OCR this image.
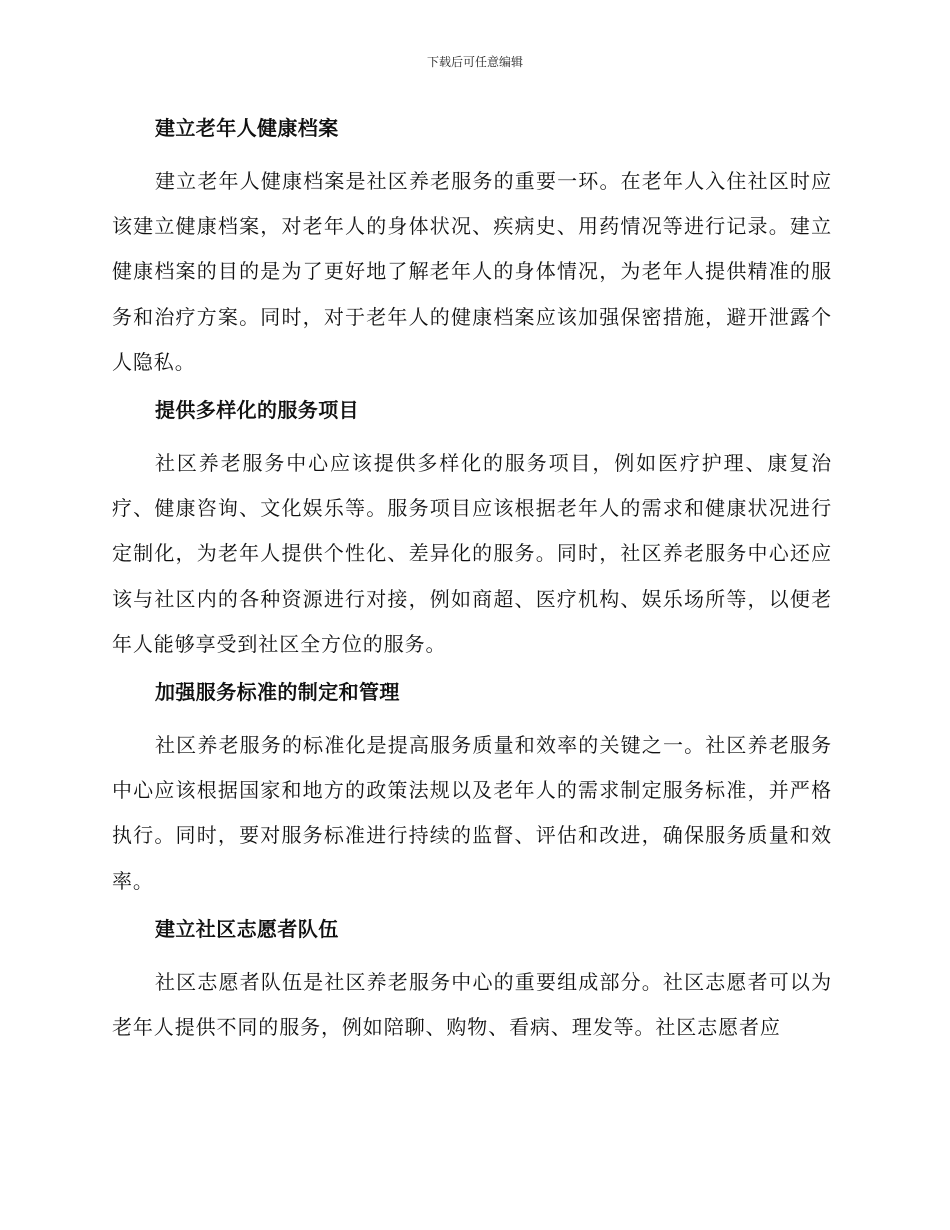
下载后可任意编辑
建立老年人健康档案

建立老年人健康档案是社区养老服务的重要一环。在老年人入住社区时应该建立健康档案，对老年人的身体状况、疾病史、用药情况等进行记录。建立健康档案的目的是为了更好地了解老年人的身体情况，为老年人提供精准的服务和治疗方案。同时，对于老年人的健康档案应该加强保密措施，避开泄露个人隐私。

提供多样化的服务项目

社区养老服务中心应该提供多样化的服务项目，例如医疗护理、康复治疗、健康咨询、文化娱乐等。服务项目应该根据老年人的需求和健康状况进行定制化，为老年人提供个性化、差异化的服务。同时，社区养老服务中心还应该与社区内的各种资源进行对接，例如商超、医疗机构、娱乐场所等，以便老年人能够享受到社区全方位的服务。

加强服务标准的制定和管理

社区养老服务的标准化是提高服务质量和效率的关键之一。社区养老服务中心应该根据国家和地方的政策法规以及老年人的需求制定服务标准，并严格执行。同时，要对服务标准进行持续的监督、评估和改进，确保服务质量和效率。

建立社区志愿者队伍

社区志愿者队伍是社区养老服务中心的重要组成部分。社区志愿者可以为老年人提供不同的服务，例如陪聊、购物、看病、理发等。社区志愿者应
